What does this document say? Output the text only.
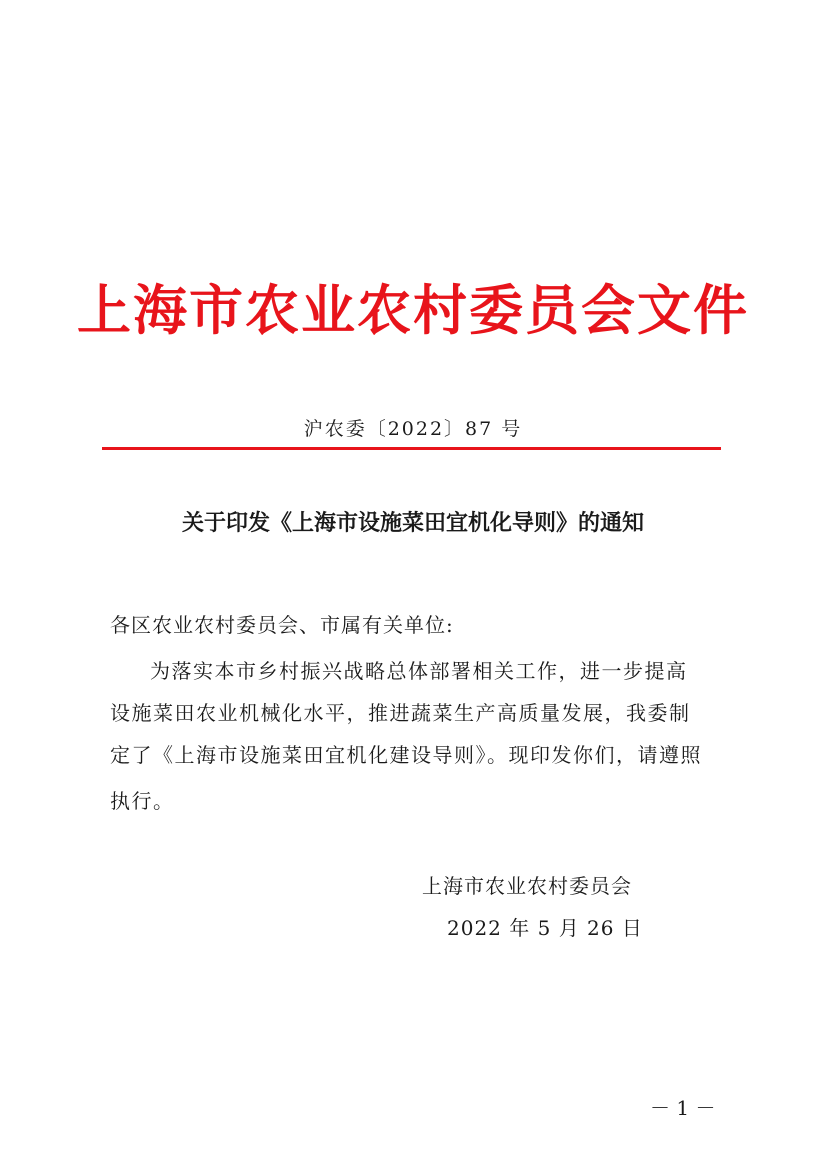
上海市农业农村委员会文件
沪农委〔2022〕87 号
关于印发《上海市设施菜田宜机化导则》的通知
各区农业农村委员会、市属有关单位:
为落实本市乡村振兴战略总体部署相关工作，进一步提高
设施菜田农业机械化水平，推进蔬菜生产高质量发展，我委制
定了《上海市设施菜田宜机化建设导则》。现印发你们，请遵照
执行。
上海市农业农村委员会
2022 年 5 月 26 日
－ 1 －
